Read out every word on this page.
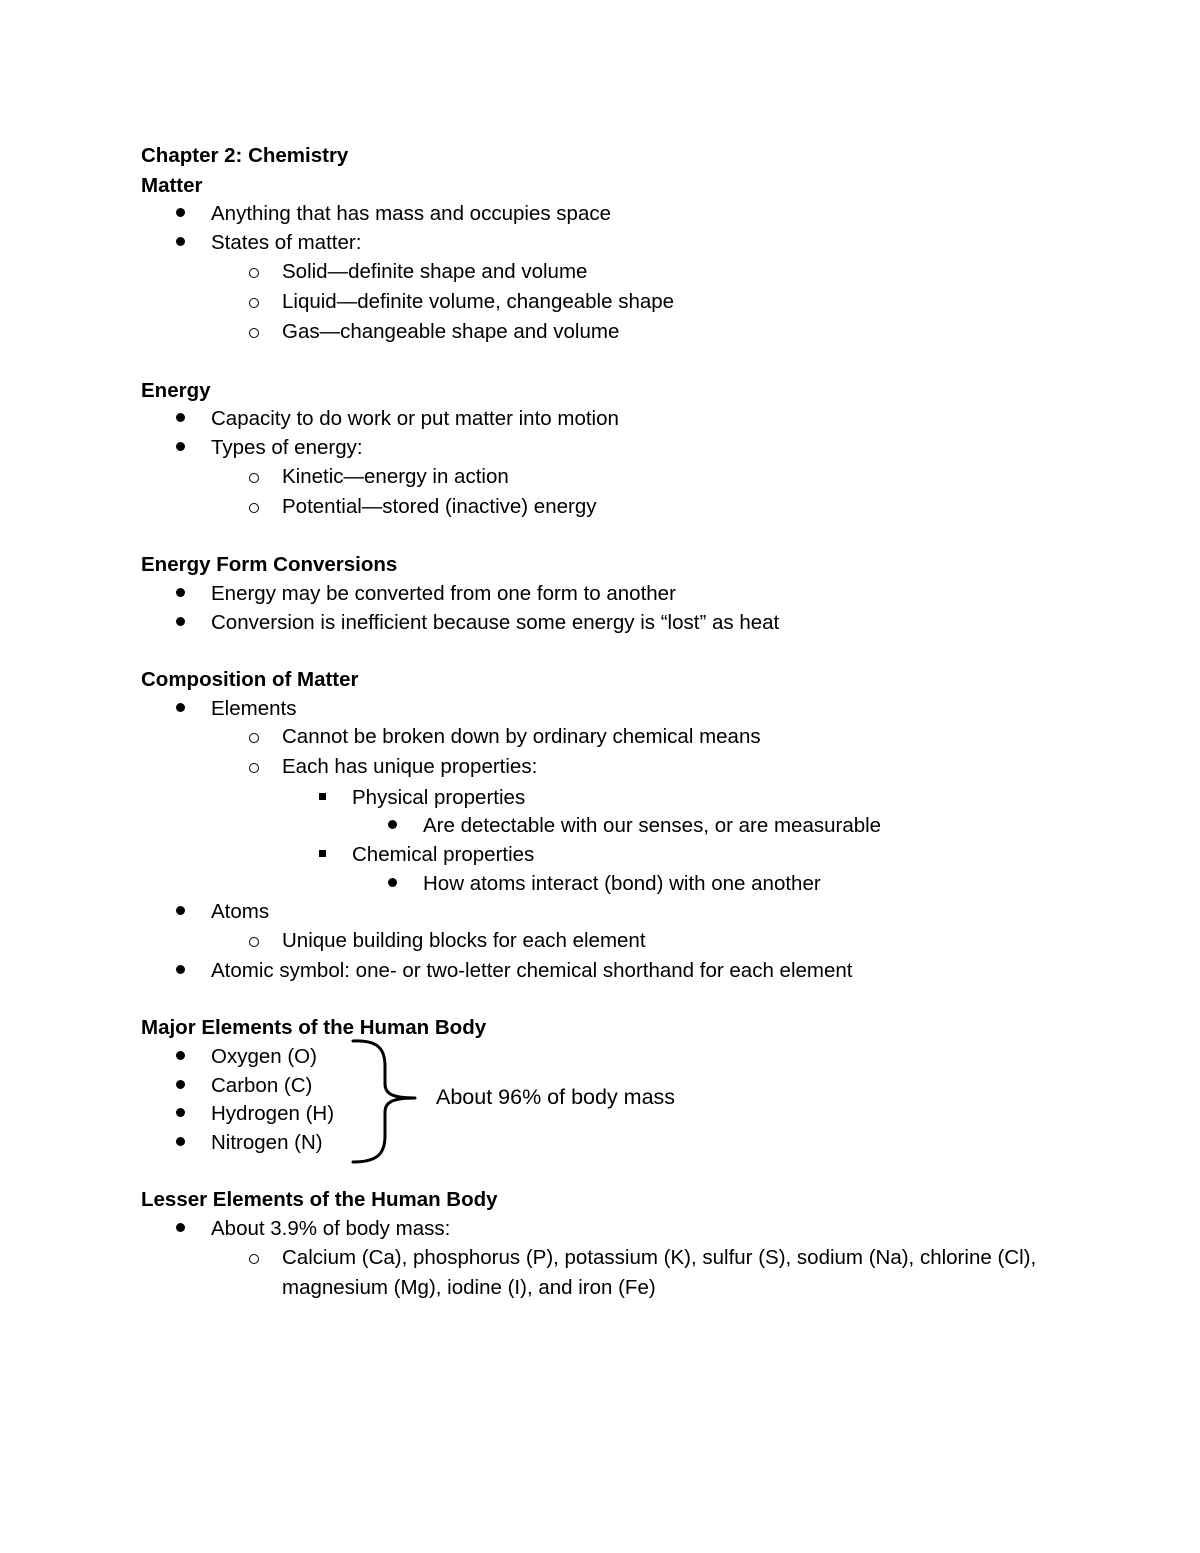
Chapter 2: Chemistry
Matter
Anything that has mass and occupies space
States of matter:
Solid—definite shape and volume
Liquid—definite volume, changeable shape
Gas—changeable shape and volume
Energy
Capacity to do work or put matter into motion
Types of energy:
Kinetic—energy in action
Potential—stored (inactive) energy
Energy Form Conversions
Energy may be converted from one form to another
Conversion is inefficient because some energy is “lost” as heat
Composition of Matter
Elements
Cannot be broken down by ordinary chemical means
Each has unique properties:
Physical properties
Are detectable with our senses, or are measurable
Chemical properties
How atoms interact (bond) with one another
Atoms
Unique building blocks for each element
Atomic symbol: one- or two-letter chemical shorthand for each element
Major Elements of the Human Body
Oxygen (O)
Carbon (C)
Hydrogen (H)
Nitrogen (N)
About 96% of body mass
Lesser Elements of the Human Body
About 3.9% of body mass:
Calcium (Ca), phosphorus (P), potassium (K), sulfur (S), sodium (Na), chlorine (Cl),
magnesium (Mg), iodine (I), and iron (Fe)
